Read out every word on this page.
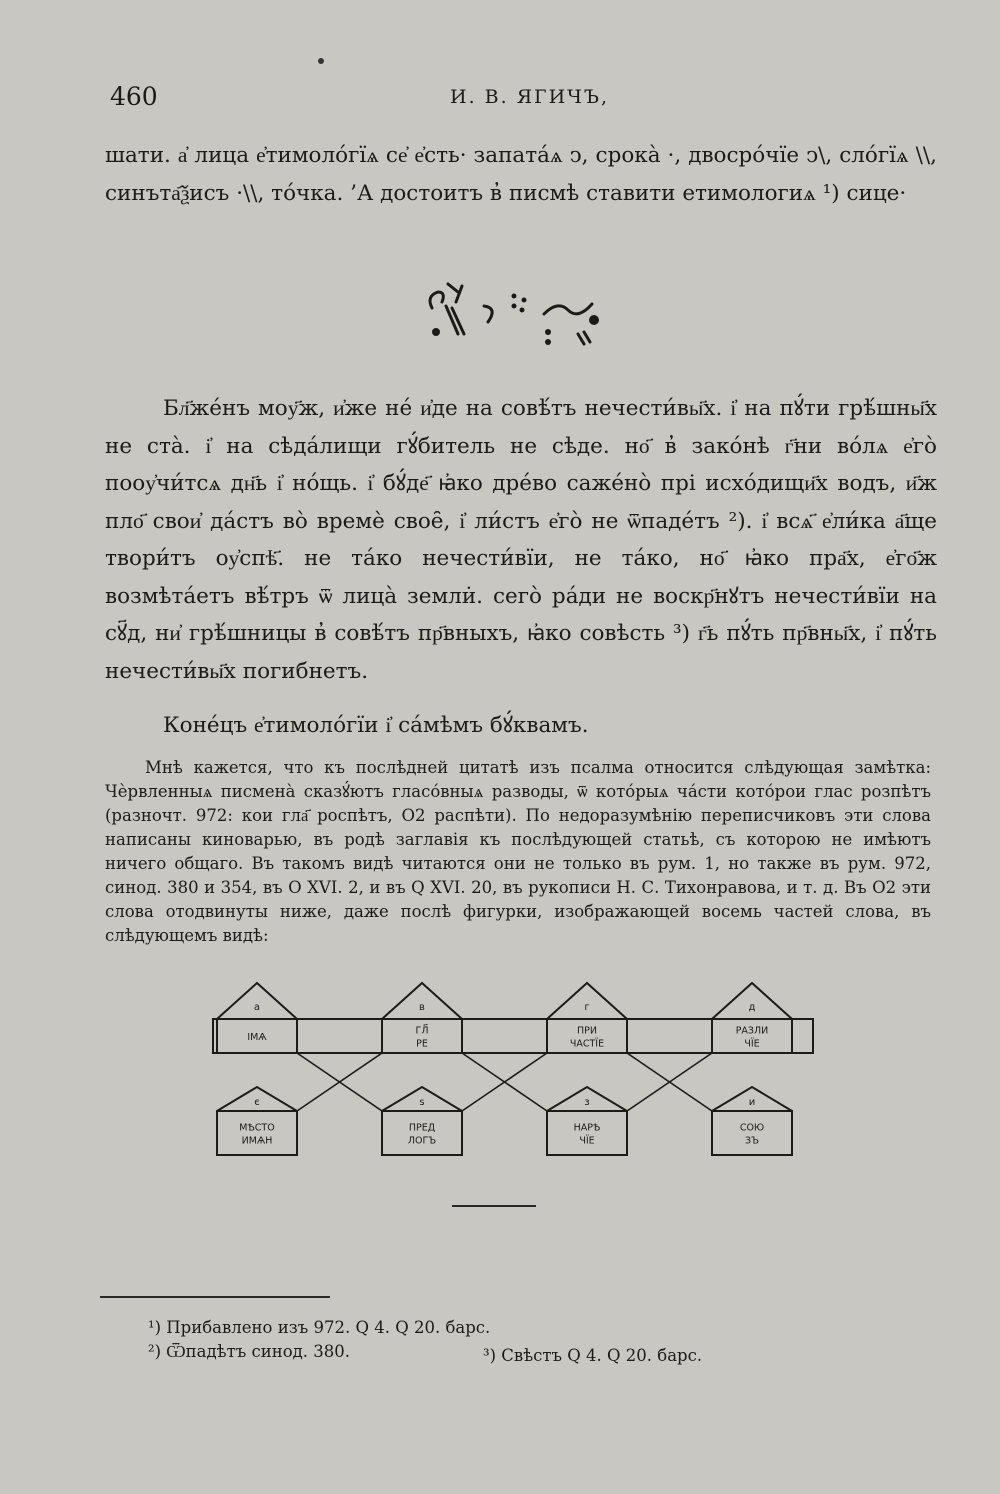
460	И. В. ЯГИЧЪ,
шати. а҆ лица е҆тимоло́гїѧ се҆ е҆сть· запата́ѧ ͻ, срока̀ ·, двосро́чїе ͻ\, сло́гїѧ \\, синъта҄ѯисъ ·\\, то́чка. ’А достоитъ в̓ писмѣ ставити етимологиѧ ¹) сице·
Бл҃же́нъ моу҃ж, и҆же не́ и҆де на совѣ́тъ нечести́вы҃х. і҆ на пꙋ́ти грѣ́шны҃х не ста̀. і҆ на сѣда́лищи гꙋ́битель не сѣде. но҃ в̓ зако́нѣ г҃ни во́лѧ е҆го̀ пооу҆чи́тсѧ дн҃ь і҆ но́щь. і҆ бꙋ́де҃ ꙗ҆ко дре́во саже́но̀ прі исхо́дищи҃х водъ, и҃ж пло҃ свои҆ да́стъ во̀ времѐ свое̑, і҆ ли́стъ е҆го̀ не ѿпаде́тъ ²). і҆ всѧ҃ е҆ли́ка а҃ще твори́тъ оу҆спѣ҃. не та́ко нечести́вїи, не та́ко, но҃ ꙗ҆ко пра҃х, е҆го҃ж возмѣта́етъ вѣ́тръ ѿ лица̀ земли̇. сего̀ ра́ди не воскр҃нꙋтъ нечести́вїи на сꙋ҃д, ни҆ грѣ́шницы в̓ совѣ́тъ пр҃вныхъ, ꙗ҆ко совѣсть ³) г҃ь пꙋ́ть пр҃вны҃х, і҆ пꙋ́ть нечести́вы҃х погибнетъ.
Коне́цъ е҆тимоло́гїи і҆ са́мѣмъ бꙋ́квамъ.
Мнѣ кажется, что къ послѣдней цитатѣ изъ псалма относится слѣдующая замѣтка: Чѐрвленныѧ писмена̀ сказꙋ́ютъ гласо́вныѧ разводы, ѿ кото́рыѧ ча́сти кото́рои глас розпѣтъ (разночт. 972: кои гла҃ роспѣтъ, О2 распѣти). По недоразумѣнію переписчиковъ эти слова написаны киноварью, въ родѣ заглавія къ послѣдующей статьѣ, съ которою не имѣютъ ничего общаго. Въ такомъ видѣ читаются они не только въ рум. 1, но также въ рум. 972, синод. 380 и 354, въ O XVI. 2, и въ Q XVI. 20, въ рукописи Н. С. Тихонравова, и т. д. Въ О2 эти слова отодвинуты ниже, даже послѣ фигурки, изображающей восемь частей слова, въ слѣдующемъ видѣ:
а
ІМѦ
в
ГЛ҃
РЕ
г
ПРИ
ЧАСТЇЕ
д
РАЗЛИ
ЧЇЕ
є
МѢСТО
ИМѦН
ѕ
ПРЕД
ЛОГЪ
з
НАРѢ
ЧЇЕ
и
СОЮ
ЗЪ
¹) Прибавлено изъ 972. Q 4. Q 20. барс.
²) Ѿпадѣтъ синод. 380.	³) Свѣстъ Q 4. Q 20. барс.
